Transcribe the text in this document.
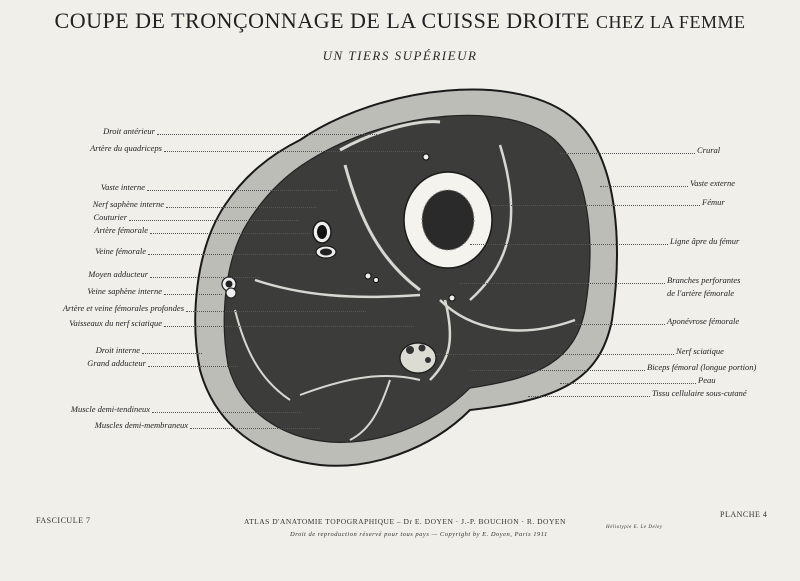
COUPE DE TRONÇONNAGE DE LA CUISSE DROITE CHEZ LA FEMME
UN TIERS SUPÉRIEUR
Droit antérieur
Artère du quadriceps
Vaste interne
Nerf saphène interne
Couturier
Artère fémorale
Veine fémorale
Moyen adducteur
Veine saphène interne
Artère et veine fémorales profondes
Vaisseaux du nerf sciatique
Droit interne
Grand adducteur
Muscle demi-tendineux
Muscles demi-membraneux
Crural
Vaste externe
Fémur
Ligne âpre du fémur
Branches perforantes
de l'artère fémorale
Aponévrose fémorale
Nerf sciatique
Biceps fémoral (longue portion)
Peau
Tissu cellulaire sous-cutané
FASCICULE 7	ATLAS D'ANATOMIE TOPOGRAPHIQUE – Dr E. DOYEN · J.-P. BOUCHON · R. DOYEN
Droit de reproduction réservé pour tous pays — Copyright by E. Doyen, Paris 1911
Héliotypie E. Le Deley
PLANCHE 4
